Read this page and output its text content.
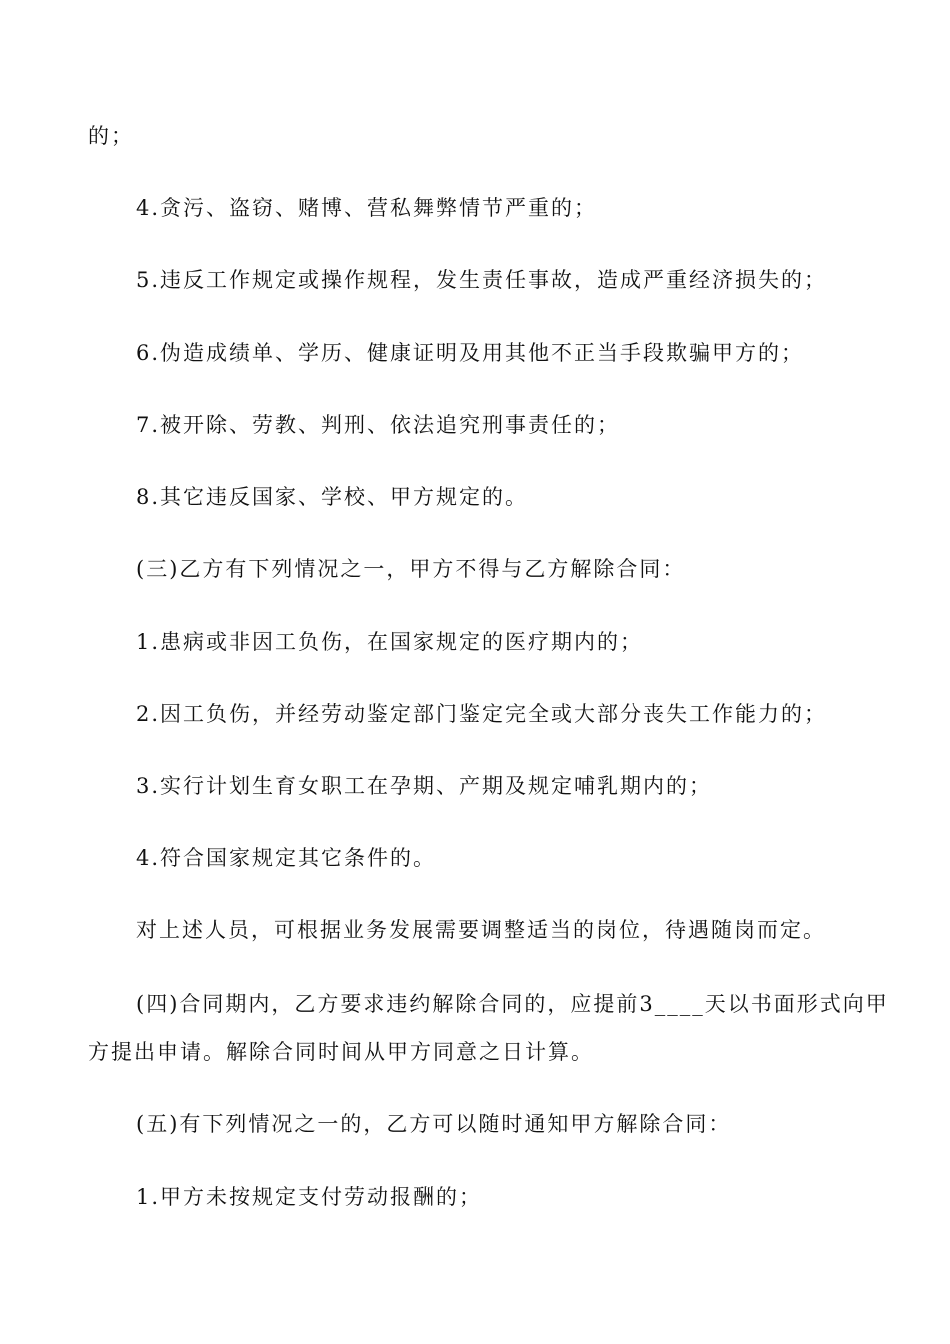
的；
4.贪污、盗窃、赌博、营私舞弊情节严重的；
5.违反工作规定或操作规程，发生责任事故，造成严重经济损失的；
6.伪造成绩单、学历、健康证明及用其他不正当手段欺骗甲方的；
7.被开除、劳教、判刑、依法追究刑事责任的；
8.其它违反国家、学校、甲方规定的。
(三)乙方有下列情况之一，甲方不得与乙方解除合同：
1.患病或非因工负伤，在国家规定的医疗期内的；
2.因工负伤，并经劳动鉴定部门鉴定完全或大部分丧失工作能力的；
3.实行计划生育女职工在孕期、产期及规定哺乳期内的；
4.符合国家规定其它条件的。
对上述人员，可根据业务发展需要调整适当的岗位，待遇随岗而定。
(四)合同期内，乙方要求违约解除合同的，应提前3____天以书面形式向甲
方提出申请。解除合同时间从甲方同意之日计算。
(五)有下列情况之一的，乙方可以随时通知甲方解除合同：
1.甲方未按规定支付劳动报酬的；
